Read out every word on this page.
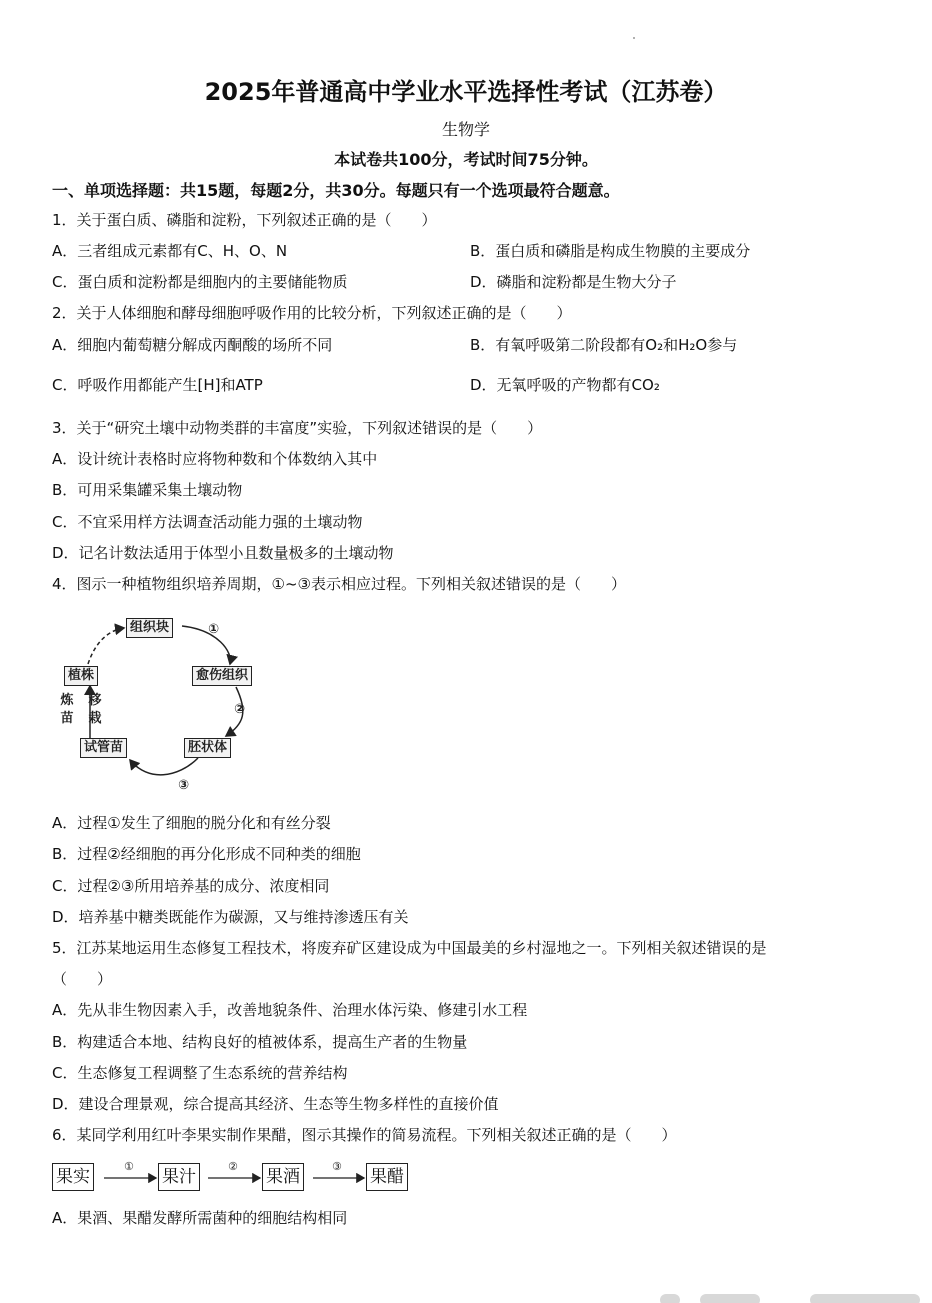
2025年普通高中学业水平选择性考试（江苏卷）
生物学
本试卷共100分，考试时间75分钟。
一、单项选择题：共15题，每题2分，共30分。每题只有一个选项最符合题意。
1．关于蛋白质、磷脂和淀粉，下列叙述正确的是（　　）
A．三者组成元素都有C、H、O、N	B．蛋白质和磷脂是构成生物膜的主要成分
C．蛋白质和淀粉都是细胞内的主要储能物质	D．磷脂和淀粉都是生物大分子
2．关于人体细胞和酵母细胞呼吸作用的比较分析，下列叙述正确的是（　　）
A．细胞内葡萄糖分解成丙酮酸的场所不同	B．有氧呼吸第二阶段都有O₂和H₂O参与
C．呼吸作用都能产生[H]和ATP	D．无氧呼吸的产物都有CO₂
3．关于“研究土壤中动物类群的丰富度”实验，下列叙述错误的是（　　）
A．设计统计表格时应将物种数和个体数纳入其中
B．可用采集罐采集土壤动物
C．不宜采用样方法调查活动能力强的土壤动物
D．记名计数法适用于体型小且数量极多的土壤动物
4．图示一种植物组织培养周期，①~③表示相应过程。下列相关叙述错误的是（　　）
组织块
愈伤组织
胚状体
试管苗
植株
①
②
③
炼苗
移栽
A．过程①发生了细胞的脱分化和有丝分裂
B．过程②经细胞的再分化形成不同种类的细胞
C．过程②③所用培养基的成分、浓度相同
D．培养基中糖类既能作为碳源，又与维持渗透压有关
5．江苏某地运用生态修复工程技术，将废弃矿区建设成为中国最美的乡村湿地之一。下列相关叙述错误的是
（　　）
A．先从非生物因素入手，改善地貌条件、治理水体污染、修建引水工程
B．构建适合本地、结构良好的植被体系，提高生产者的生物量
C．生态修复工程调整了生态系统的营养结构
D．建设合理景观，综合提高其经济、生态等生物多样性的直接价值
6．某同学利用红叶李果实制作果醋，图示其操作的简易流程。下列相关叙述正确的是（　　）
果实	果汁	果酒	果醋
①	②	③
A．果酒、果醋发酵所需菌种的细胞结构相同
